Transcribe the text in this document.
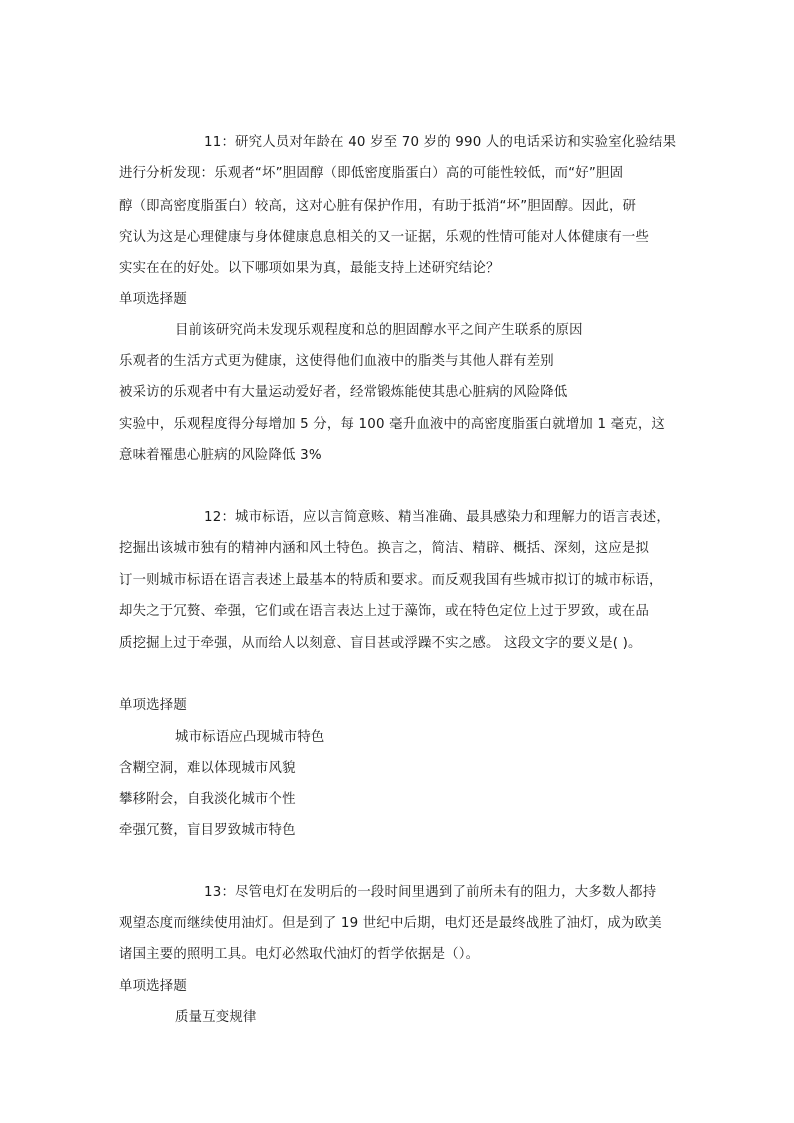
11：研究人员对年龄在 40 岁至 70 岁的 990 人的电话采访和实验室化验结果
进行分析发现：乐观者“坏”胆固醇（即低密度脂蛋白）高的可能性较低，而“好”胆固
醇（即高密度脂蛋白）较高，这对心脏有保护作用，有助于抵消“坏”胆固醇。因此，研
究认为这是心理健康与身体健康息息相关的又一证据，乐观的性情可能对人体健康有一些
实实在在的好处。以下哪项如果为真，最能支持上述研究结论？
单项选择题
目前该研究尚未发现乐观程度和总的胆固醇水平之间产生联系的原因
乐观者的生活方式更为健康，这使得他们血液中的脂类与其他人群有差别
被采访的乐观者中有大量运动爱好者，经常锻炼能使其患心脏病的风险降低
实验中，乐观程度得分每增加 5 分，每 100 毫升血液中的高密度脂蛋白就增加 1 毫克，这
意味着罹患心脏病的风险降低 3%
12：城市标语，应以言简意赅、精当准确、最具感染力和理解力的语言表述，
挖掘出该城市独有的精神内涵和风土特色。换言之，简洁、精辟、概括、深刻，这应是拟
订一则城市标语在语言表述上最基本的特质和要求。而反观我国有些城市拟订的城市标语，
却失之于冗赘、牵强，它们或在语言表达上过于藻饰，或在特色定位上过于罗致，或在品
质挖掘上过于牵强，从而给人以刻意、盲目甚或浮躁不实之感。 这段文字的要义是( )。
单项选择题
城市标语应凸现城市特色
含糊空洞，难以体现城市风貌
攀移附会，自我淡化城市个性
牵强冗赘，盲目罗致城市特色
13：尽管电灯在发明后的一段时间里遇到了前所未有的阻力，大多数人都持
观望态度而继续使用油灯。但是到了 19 世纪中后期，电灯还是最终战胜了油灯，成为欧美
诸国主要的照明工具。电灯必然取代油灯的哲学依据是（）。
单项选择题
质量互变规律
